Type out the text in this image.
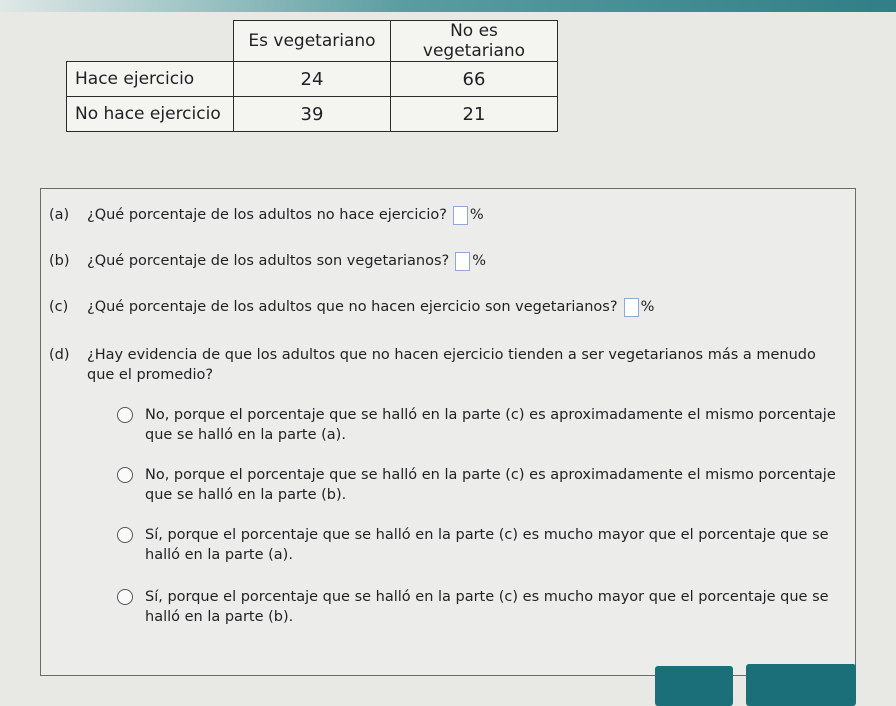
	Es vegetariano	No es vegetariano
Hace ejercicio	24	66
No hace ejercicio	39	21
(a) ¿Qué porcentaje de los adultos no hace ejercicio? %
(b) ¿Qué porcentaje de los adultos son vegetarianos? %
(c) ¿Qué porcentaje de los adultos que no hacen ejercicio son vegetarianos? %
(d) ¿Hay evidencia de que los adultos que no hacen ejercicio tienden a ser vegetarianos más a menudo
que el promedio?
No, porque el porcentaje que se halló en la parte (c) es aproximadamente el mismo porcentaje que se halló en la parte (a).
No, porque el porcentaje que se halló en la parte (c) es aproximadamente el mismo porcentaje que se halló en la parte (b).
Sí, porque el porcentaje que se halló en la parte (c) es mucho mayor que el porcentaje que se halló en la parte (a).
Sí, porque el porcentaje que se halló en la parte (c) es mucho mayor que el porcentaje que se halló en la parte (b).
